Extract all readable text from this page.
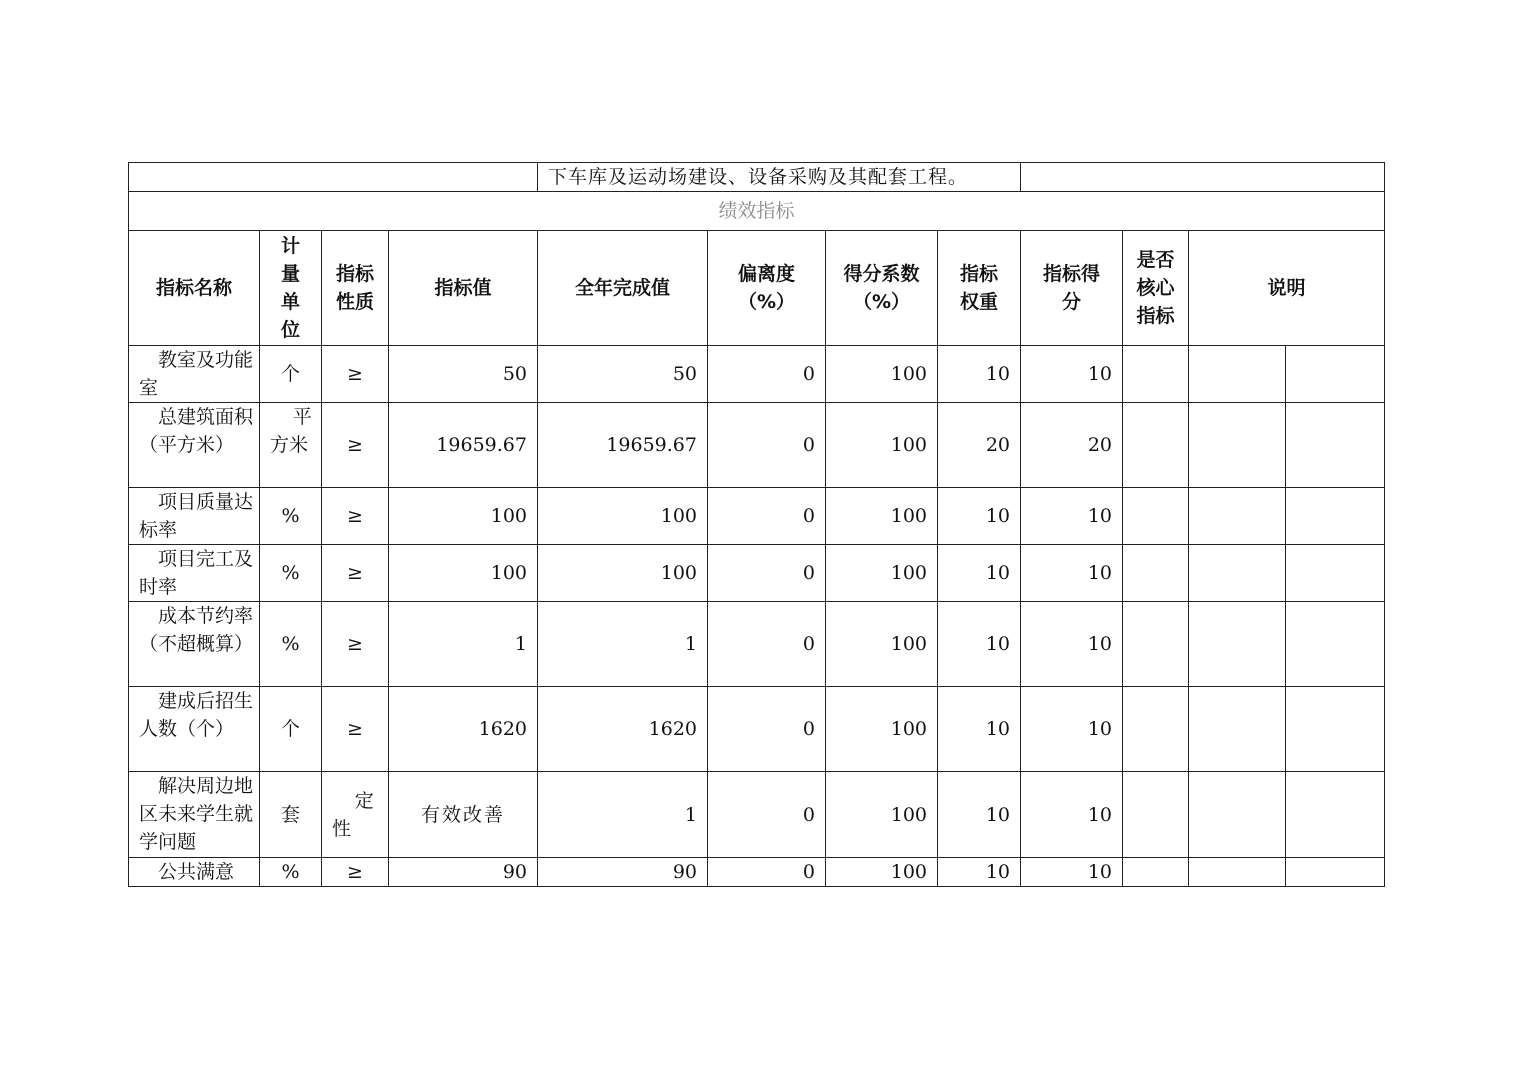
				下车库及运动场建设、设备采购及其配套工程。							
绩效指标											
指标名称	计量单位	指标性质	指标值	全年完成值	偏离度（%）	得分系数（%）	指标权重	指标得分	是否核心指标	说明	
教室及功能室	个	≥	50	50	0	100	10	10			
总建筑面积（平方米）	平方米	≥	19659.67	19659.67	0	100	20	20			
项目质量达标率	%	≥	100	100	0	100	10	10			
项目完工及时率	%	≥	100	100	0	100	10	10			
成本节约率（不超概算）	%	≥	1	1	0	100	10	10			
建成后招生人数（个）	个	≥	1620	1620	0	100	10	10			
解决周边地区未来学生就学问题	套	定性	有效改善	1	0	100	10	10			
公共满意	%	≥	90	90	0	100	10	10			
